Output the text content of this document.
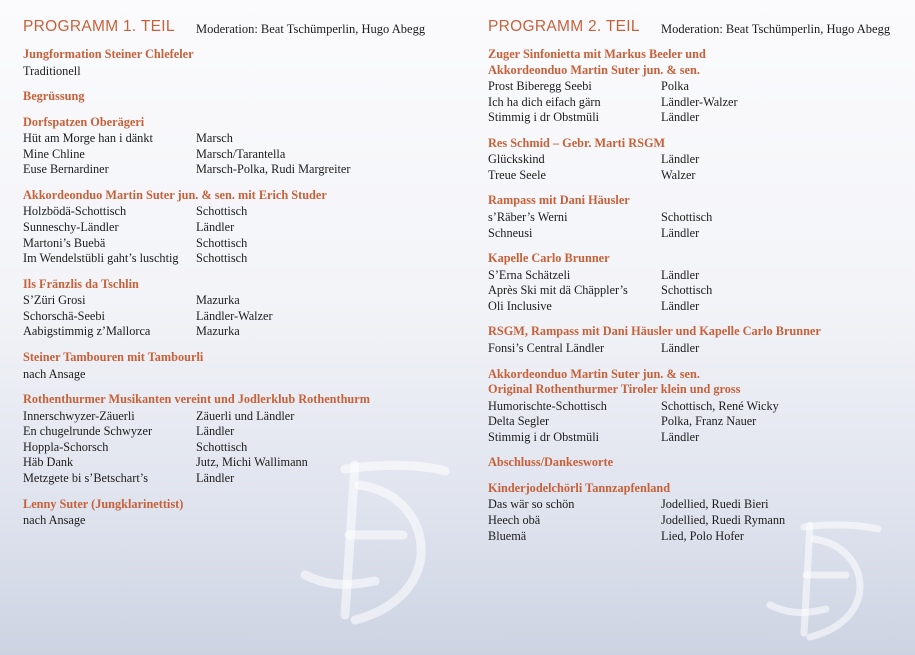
PROGRAMM 1. TEIL Moderation: Beat Tschümperlin, Hugo Abegg
Jungformation Steiner Chlefeler
Traditionell
Begrüssung
Dorfspatzen Oberägeri
Hüt am Morge han i dänkt	Marsch
Mine Chline	Marsch/Tarantella
Euse Bernardiner	Marsch-Polka, Rudi Margreiter
Akkordeonduo Martin Suter jun. & sen. mit Erich Studer
Holzbödä-Schottisch	Schottisch
Sunneschy-Ländler	Ländler
Martoni’s Buebä	Schottisch
Im Wendelstübli gaht’s luschtig	Schottisch
Ils Fränzlis da Tschlin
S’Züri Grosi	Mazurka
Schorschä-Seebi	Ländler-Walzer
Aabigstimmig z’Mallorca	Mazurka
Steiner Tambouren mit Tambourli
nach Ansage
Rothenthurmer Musikanten vereint und Jodlerklub Rothenthurm
Innerschwyzer-Zäuerli	Zäuerli und Ländler
En chugelrunde Schwyzer	Ländler
Hoppla-Schorsch	Schottisch
Häb Dank	Jutz, Michi Wallimann
Metzgete bi s’Betschart’s	Ländler
Lenny Suter (Jungklarinettist)
nach Ansage
PROGRAMM 2. TEIL Moderation: Beat Tschümperlin, Hugo Abegg
Zuger Sinfonietta mit Markus Beeler und
Akkordeonduo Martin Suter jun. & sen.
Prost Biberegg Seebi	Polka
Ich ha dich eifach gärn	Ländler-Walzer
Stimmig i dr Obstmüli	Ländler
Res Schmid – Gebr. Marti RSGM
Glückskind	Ländler
Treue Seele	Walzer
Rampass mit Dani Häusler
s’Räber’s Werni	Schottisch
Schneusi	Ländler
Kapelle Carlo Brunner
S’Erna Schätzeli	Ländler
Après Ski mit dä Chäppler’s	Schottisch
Oli Inclusive	Ländler
RSGM, Rampass mit Dani Häusler und Kapelle Carlo Brunner
Fonsi’s Central Ländler	Ländler
Akkordeonduo Martin Suter jun. & sen.
Original Rothenthurmer Tiroler klein und gross
Humorischte-Schottisch	Schottisch, René Wicky
Delta Segler	Polka, Franz Nauer
Stimmig i dr Obstmüli	Ländler
Abschluss/Dankesworte
Kinderjodelchörli Tannzapfenland
Das wär so schön	Jodellied, Ruedi Bieri
Heech obä	Jodellied, Ruedi Rymann
Bluemä	Lied, Polo Hofer
